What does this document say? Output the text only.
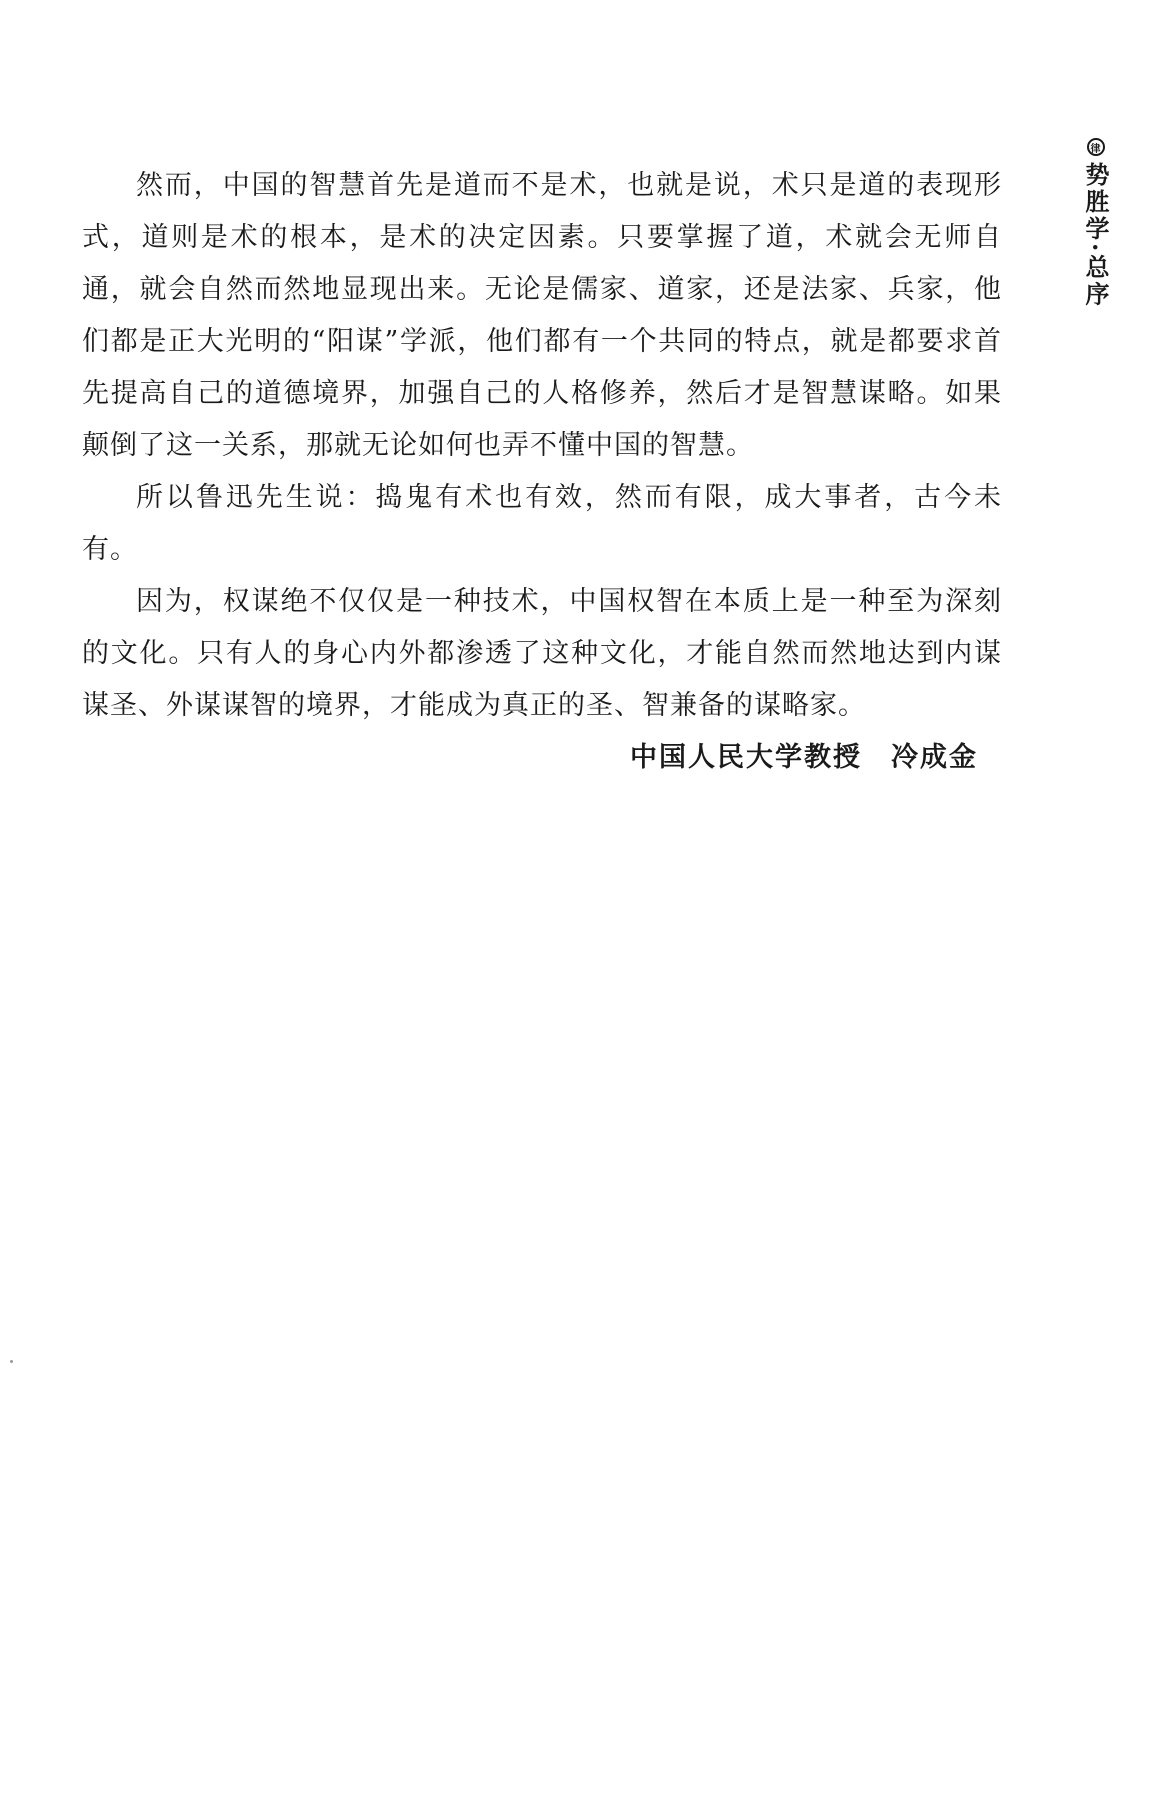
律
势胜学·总序

然而，中国的智慧首先是道而不是术，也就是说，术只是道的表现形式，道则是术的根本，是术的决定因素。只要掌握了道，术就会无师自通，就会自然而然地显现出来。无论是儒家、道家，还是法家、兵家，他们都是正大光明的“阳谋”学派，他们都有一个共同的特点，就是都要求首先提高自己的道德境界，加强自己的人格修养，然后才是智慧谋略。如果颠倒了这一关系，那就无论如何也弄不懂中国的智慧。

所以鲁迅先生说：捣鬼有术也有效，然而有限，成大事者，古今未有。

因为，权谋绝不仅仅是一种技术，中国权智在本质上是一种至为深刻的文化。只有人的身心内外都渗透了这种文化，才能自然而然地达到内谋谋圣、外谋谋智的境界，才能成为真正的圣、智兼备的谋略家。

中国人民大学教授　冷成金
